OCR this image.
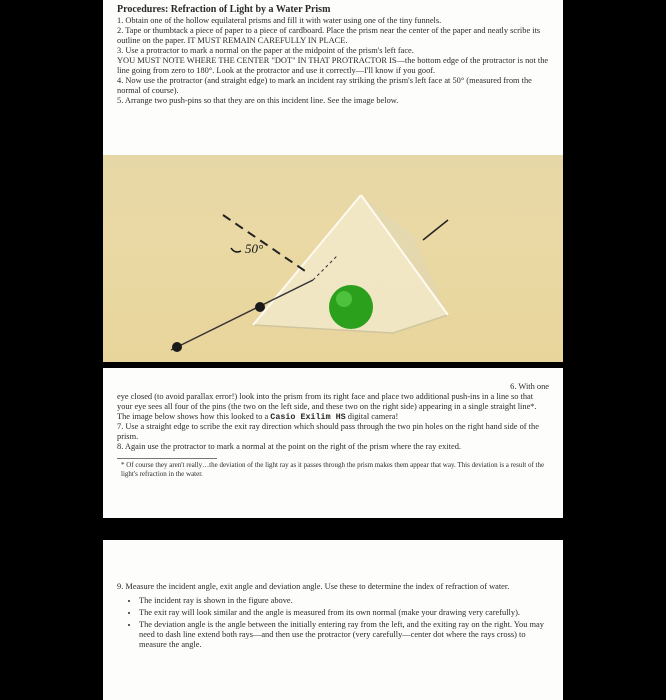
Procedures: Refraction of Light by a Water Prism
1. Obtain one of the hollow equilateral prisms and fill it with water using one of the tiny funnels.
2. Tape or thumbtack a piece of paper to a piece of cardboard. Place the prism near the center of the paper and neatly scribe its outline on the paper. IT MUST REMAIN CAREFULLY IN PLACE.
3. Use a protractor to mark a normal on the paper at the midpoint of the prism's left face.
YOU MUST NOTE WHERE THE CENTER "DOT" IN THAT PROTRACTOR IS—the bottom edge of the protractor is not the line going from zero to 180°. Look at the protractor and use it correctly—I'll know if you goof.
4. Now use the protractor (and straight edge) to mark an incident ray striking the prism's left face at 50° (measured from the normal of course).
5. Arrange two push-pins so that they are on this incident line. See the image below.
50°
6. With one
eye closed (to avoid parallax error!) look into the prism from its right face and place two additional push-ins in a line so that your eye sees all four of the pins (the two on the left side, and these two on the right side) appearing in a single straight line*. The image below shows how this looked to a Casio Exilim HS digital camera!
7. Use a straight edge to scribe the exit ray direction which should pass through the two pin holes on the right hand side of the prism.
8. Again use the protractor to mark a normal at the point on the right of the prism where the ray exited.
* Of course they aren't really…the deviation of the light ray as it passes through the prism makes them appear that way. This deviation is a result of the light's refraction in the water.
9. Measure the incident angle, exit angle and deviation angle. Use these to determine the index of refraction of water.
• The incident ray is shown in the figure above.
• The exit ray will look similar and the angle is measured from its own normal (make your drawing very carefully).
• The deviation angle is the angle between the initially entering ray from the left, and the exiting ray on the right. You may need to dash line extend both rays—and then use the protractor (very carefully—center dot where the rays cross) to measure the angle.
